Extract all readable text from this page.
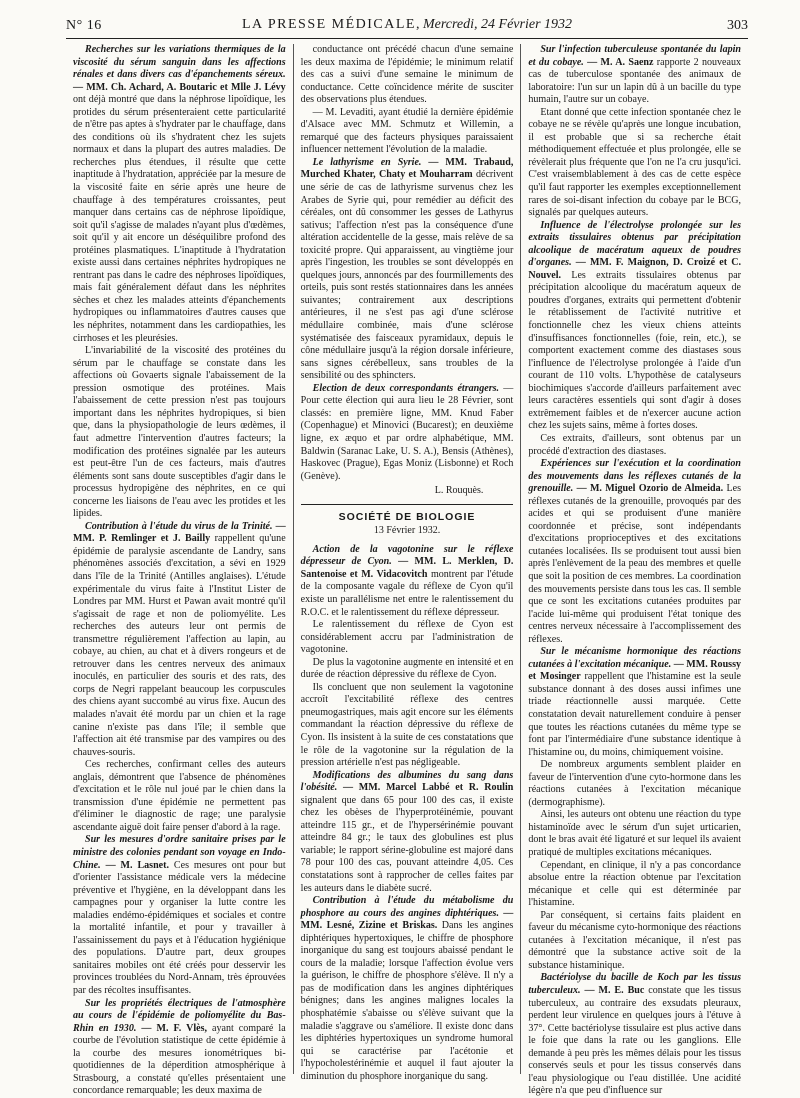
N° 16	LA PRESSE MÉDICALE, Mercredi, 24 Février 1932	303

Recherches sur les variations thermiques de la viscosité du sérum sanguin dans les affections rénales et dans divers cas d'épanchements séreux. — MM. Ch. Achard, A. Boutaric et Mlle J. Lévy ont déjà montré que dans la néphrose lipoïdique, les protides du sérum présenteraient cette particularité de n'être pas aptes à s'hydrater par le chauffage, dans des conditions où ils s'hydratent chez les sujets normaux et dans la plupart des autres maladies. De recherches plus étendues, il résulte que cette inaptitude à l'hydratation, appréciée par la mesure de la viscosité faite en série après une heure de chauffage à des températures croissantes, peut manquer dans certains cas de néphrose lipoïdique, soit qu'il s'agisse de malades n'ayant plus d'œdèmes, soit qu'il y ait encore un déséquilibre profond des protéines plasmatiques. L'inaptitude à l'hydratation existe aussi dans certaines néphrites hydropiques ne rentrant pas dans le cadre des néphroses lipoïdiques, mais fait généralement défaut dans les néphrites sèches et chez les malades atteints d'épanchements hydropiques ou inflammatoires d'autres causes que les néphrites, notamment dans les cardiopathies, les cirrhoses et les pleurésies.

L'invariabilité de la viscosité des protéines du sérum par le chauffage se constate dans les affections où Govaerts signale l'abaissement de la pression osmotique des protéines. Mais l'abaissement de cette pression n'est pas toujours important dans les néphrites hydropiques, si bien que, dans la physiopathologie de leurs œdèmes, il faut admettre l'intervention d'autres facteurs; la modification des protéines signalée par les auteurs est peut-être l'un de ces facteurs, mais d'autres éléments sont sans doute susceptibles d'agir dans le processus hydropigène des néphrites, en ce qui concerne les liaisons de l'eau avec les protides et les lipides.

Contribution à l'étude du virus de la Trinité. — MM. P. Remlinger et J. Bailly rappellent qu'une épidémie de paralysie ascendante de Landry, sans phénomènes associés d'excitation, a sévi en 1929 dans l'île de la Trinité (Antilles anglaises). L'étude expérimentale du virus faite à l'Institut Lister de Londres par MM. Hurst et Pawan avait montré qu'il s'agissait de rage et non de poliomyélite. Les recherches des auteurs leur ont permis de transmettre régulièrement l'affection au lapin, au cobaye, au chien, au chat et à divers rongeurs et de retrouver dans les centres nerveux des animaux inoculés, en particulier des souris et des rats, des corps de Negri rappelant beaucoup les corpuscules des chiens ayant succombé au virus fixe. Aucun des malades n'avait été mordu par un chien et la rage canine n'existe pas dans l'île; il semble que l'affection ait été transmise par des vampires ou des chauves-souris.

Ces recherches, confirmant celles des auteurs anglais, démontrent que l'absence de phénomènes d'excitation et le rôle nul joué par le chien dans la transmission d'une épidémie ne permettent pas d'éliminer le diagnostic de rage; une paralysie ascendante aiguë doit faire penser d'abord à la rage.

Sur les mesures d'ordre sanitaire prises par le ministre des colonies pendant son voyage en Indo-Chine. — M. Lasnet. Ces mesures ont pour but d'orienter l'assistance médicale vers la médecine préventive et l'hygiène, en la développant dans les campagnes pour y organiser la lutte contre les maladies endémo-épidémiques et sociales et contre la mortalité infantile, et pour y travailler à l'assainissement du pays et à l'éducation hygiénique des populations. D'autre part, deux groupes sanitaires mobiles ont été créés pour desservir les provinces troublées du Nord-Annam, très éprouvées par des récoltes insuffisantes.

Sur les propriétés électriques de l'atmosphère au cours de l'épidémie de poliomyélite du Bas-Rhin en 1930. — M. F. Vlès, ayant comparé la courbe de l'évolution statistique de cette épidémie à la courbe des mesures ionométriques bi-quotidiennes de la déperdition atmosphérique à Strasbourg, a constaté qu'elles présentaient une concordance remarquable; les deux maxima de

conductance ont précédé chacun d'une semaine les deux maxima de l'épidémie; le minimum relatif des cas a suivi d'une semaine le minimum de conductance. Cette coïncidence mérite de susciter des observations plus étendues.

— M. Levaditi, ayant étudié la dernière épidémie d'Alsace avec MM. Schmutz et Willemin, a remarqué que des facteurs physiques paraissaient influencer nettement l'évolution de la maladie.

Le lathyrisme en Syrie. — MM. Trabaud, Murched Khater, Chaty et Mouharram décrivent une série de cas de lathyrisme survenus chez les Arabes de Syrie qui, pour remédier au déficit des céréales, ont dû consommer les gesses de Lathyrus sativus; l'affection n'est pas la conséquence d'une altération accidentelle de la gesse, mais relève de sa toxicité propre. Qui apparaissent, au vingtième jour après l'ingestion, les troubles se sont développés en quelques jours, annoncés par des fourmillements des orteils, puis sont restés stationnaires dans les années suivantes; contrairement aux descriptions antérieures, il ne s'est pas agi d'une sclérose médullaire combinée, mais d'une sclérose systématisée des faisceaux pyramidaux, depuis le cône médullaire jusqu'à la région dorsale inférieure, sans signes cérébelleux, sans troubles de la sensibilité ou des sphincters.

Election de deux correspondants étrangers. — Pour cette élection qui aura lieu le 28 Février, sont classés: en première ligne, MM. Knud Faber (Copenhague) et Minovici (Bucarest); en deuxième ligne, ex æquo et par ordre alphabétique, MM. Baldwin (Saranac Lake, U. S. A.), Bensis (Athènes), Haskovec (Prague), Egas Moniz (Lisbonne) et Roch (Genève).

L. Rouquès.
SOCIÉTÉ DE BIOLOGIE
13 Février 1932.

Action de la vagotonine sur le réflexe dépresseur de Cyon. — MM. L. Merklen, D. Santenoise et M. Vidacovitch montrent par l'étude de la composante vagale du réflexe de Cyon qu'il existe un parallélisme net entre le ralentissement du R.O.C. et le ralentissement du réflexe dépresseur.

Le ralentissement du réflexe de Cyon est considérablement accru par l'administration de vagotonine.

De plus la vagotonine augmente en intensité et en durée de réaction dépressive du réflexe de Cyon.

Ils concluent que non seulement la vagotonine accroît l'excitabilité réflexe des centres pneumogastriques, mais agit encore sur les éléments commandant la réaction dépressive du réflexe de Cyon. Ils insistent à la suite de ces constatations que le rôle de la vagotonine sur la régulation de la pression artérielle n'est pas négligeable.

Modifications des albumines du sang dans l'obésité. — MM. Marcel Labbé et R. Roulin signalent que dans 65 pour 100 des cas, il existe chez les obèses de l'hyperprotéinémie, pouvant atteindre 115 gr., et de l'hypersérinémie pouvant atteindre 84 gr.; le taux des globulines est plus variable; le rapport sérine-globuline est majoré dans 78 pour 100 des cas, pouvant atteindre 4,05. Ces constatations sont à rapprocher de celles faites par les auteurs dans le diabète sucré.

Contribution à l'étude du métabolisme du phosphore au cours des angines diphtériques. — MM. Lesné, Zizine et Briskas. Dans les angines diphtériques hypertoxiques, le chiffre de phosphore inorganique du sang est toujours abaissé pendant le cours de la maladie; lorsque l'affection évolue vers la guérison, le chiffre de phosphore s'élève. Il n'y a pas de modification dans les angines diphtériques bénignes; dans les angines malignes locales la phosphatémie s'abaisse ou s'élève suivant que la maladie s'aggrave ou s'améliore. Il existe donc dans les diphtéries hypertoxiques un syndrome humoral qui se caractérise par l'acétonie et l'hypocholestérinémie et auquel il faut ajouter la diminution du phosphore inorganique du sang.

Sur l'infection tuberculeuse spontanée du lapin et du cobaye. — M. A. Saenz rapporte 2 nouveaux cas de tuberculose spontanée des animaux de laboratoire: l'un sur un lapin dû à un bacille du type humain, l'autre sur un cobaye.

Etant donné que cette infection spontanée chez le cobaye ne se révèle qu'après une longue incubation, il est probable que si sa recherche était méthodiquement effectuée et plus prolongée, elle se révèlerait plus fréquente que l'on ne l'a cru jusqu'ici. C'est vraisemblablement à des cas de cette espèce qu'il faut rapporter les exemples exceptionnellement rares de soi-disant infection du cobaye par le BCG, signalés par quelques auteurs.

Influence de l'électrolyse prolongée sur les extraits tissulaires obtenus par précipitation alcoolique de macératum aqueux de poudres d'organes. — MM. F. Maignon, D. Croizé et C. Nouvel. Les extraits tissulaires obtenus par précipitation alcoolique du macératum aqueux de poudres d'organes, extraits qui permettent d'obtenir le rétablissement de l'activité nutritive et fonctionnelle chez les vieux chiens atteints d'insuffisances fonctionnelles (foie, rein, etc.), se comportent exactement comme des diastases sous l'influence de l'électrolyse prolongée à l'aide d'un courant de 110 volts. L'hypothèse de catalyseurs biochimiques s'accorde d'ailleurs parfaitement avec leurs caractères essentiels qui sont d'agir à doses extrêmement faibles et de n'exercer aucune action chez les sujets sains, même à fortes doses.

Ces extraits, d'ailleurs, sont obtenus par un procédé d'extraction des diastases.

Expériences sur l'exécution et la coordination des mouvements dans les réflexes cutanés de la grenouille. — M. Miguel Ozorio de Almeida. Les réflexes cutanés de la grenouille, provoqués par des acides et qui se produisent d'une manière coordonnée et précise, sont indépendants d'excitations proprioceptives et des excitations cutanées localisées. Ils se produisent tout aussi bien après l'enlèvement de la peau des membres et quelle que soit la position de ces membres. La coordination des mouvements persiste dans tous les cas. Il semble que ce sont les excitations cutanées produites par l'acide lui-même qui produisent l'état tonique des centres nerveux nécessaire à l'accomplissement des réflexes.

Sur le mécanisme hormonique des réactions cutanées à l'excitation mécanique. — MM. Roussy et Mosinger rappellent que l'histamine est la seule substance donnant à des doses aussi infimes une triade réactionnelle aussi marquée. Cette constatation devait naturellement conduire à penser que toutes les réactions cutanées du même type se font par l'intermédiaire d'une substance identique à l'histamine ou, du moins, chimiquement voisine.

De nombreux arguments semblent plaider en faveur de l'intervention d'une cyto-hormone dans les réactions cutanées à l'excitation mécanique (dermographisme).

Ainsi, les auteurs ont obtenu une réaction du type histaminoïde avec le sérum d'un sujet urticarien, dont le bras avait été ligaturé et sur lequel ils avaient pratiqué de multiples excitations mécaniques.

Cependant, en clinique, il n'y a pas concordance absolue entre la réaction obtenue par l'excitation mécanique et celle qui est déterminée par l'histamine.

Par conséquent, si certains faits plaident en faveur du mécanisme cyto-hormonique des réactions cutanées à l'excitation mécanique, il n'est pas démontré que la substance active soit de la substance histaminique.

Bactériolyse du bacille de Koch par les tissus tuberculeux. — M. E. Buc constate que les tissus tuberculeux, au contraire des exsudats pleuraux, perdent leur virulence en quelques jours à l'étuve à 37°. Cette bactériolyse tissulaire est plus active dans le foie que dans la rate ou les ganglions. Elle demande à peu près les mêmes délais pour les tissus conservés seuls et pour les tissus conservés dans l'eau physiologique ou l'eau distillée. Une acidité légère n'a que peu d'influence sur
